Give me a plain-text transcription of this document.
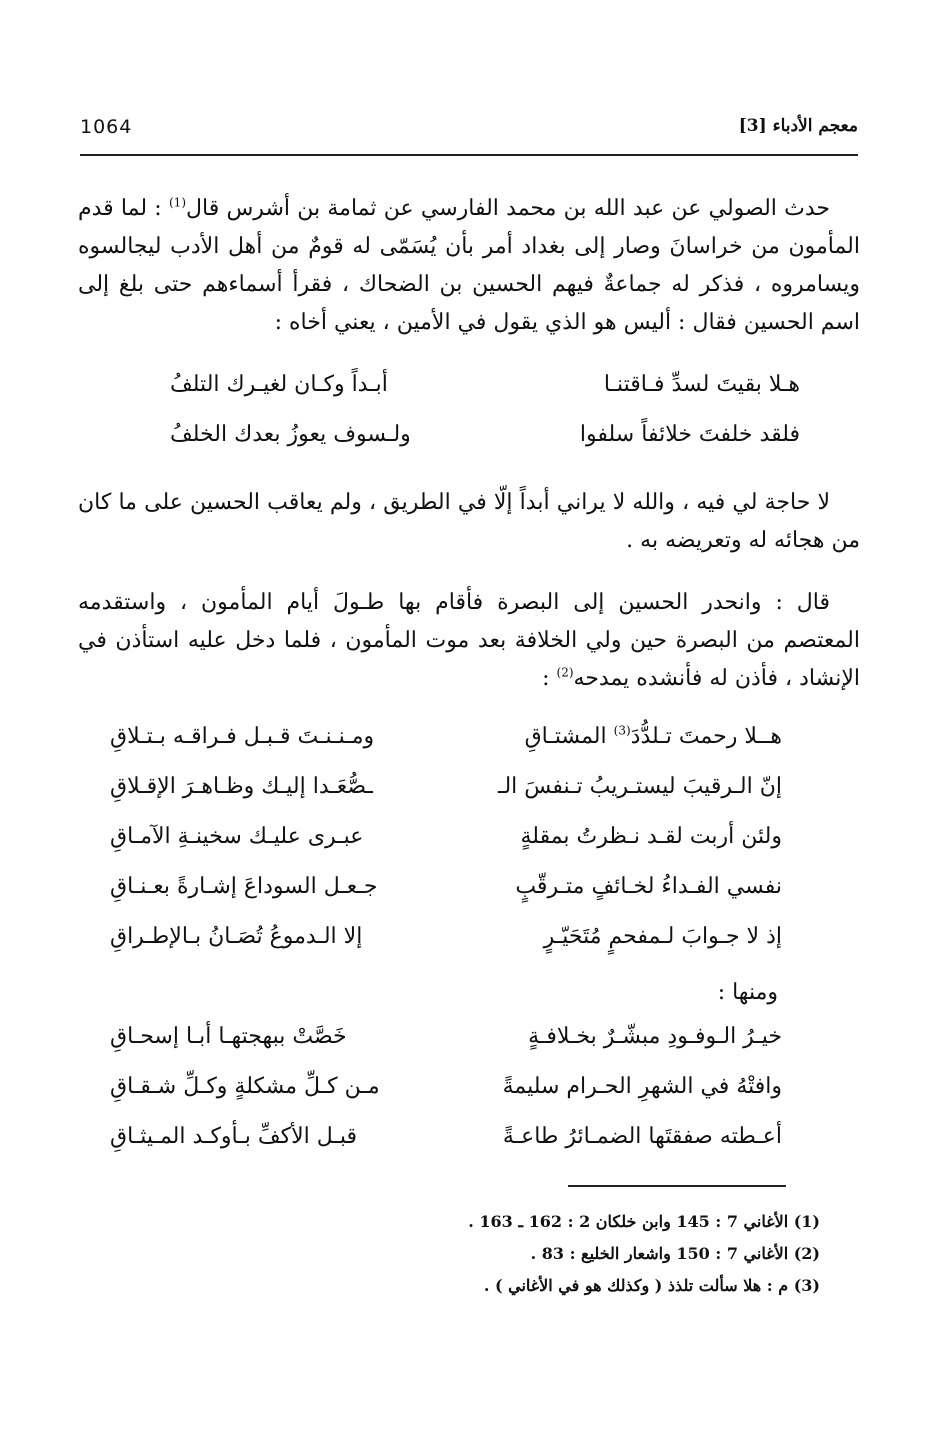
1064	معجم الأدباء [3]

حدث الصولي عن عبد الله بن محمد الفارسي عن ثمامة بن أشرس قال$^{(1)}$ : لما قدم المأمون من خراسانَ وصار إلى بغداد أمر بأن يُسَمّى له قومٌ من أهل الأدب ليجالسوه ويسامروه ، فذكر له جماعةٌ فيهم الحسين بن الضحاك ، فقرأ أسماءهم حتى بلغ إلى اسم الحسين فقال : أليس هو الذي يقول في الأمين ، يعني أخاه :

هـلا بقيتَ لسدِّ فـاقتنـا
أبـداً وكـان لغيـرك التلفُ
فلقد خلفتَ خلائفاً سلفوا
ولـسوف يعوزُ بعدك الخلفُ

لا حاجة لي فيه ، والله لا يراني أبداً إلّا في الطريق ، ولم يعاقب الحسين على ما كان من هجائه له وتعريضه به .

قال : وانحدر الحسين إلى البصرة فأقام بها طـولَ أيام المأمون ، واستقدمه المعتصم من البصرة حين ولي الخلافة بعد موت المأمون ، فلما دخل عليه استأذن في الإنشاد ، فأذن له فأنشده يمدحه$^{(2)}$ :

هــلا رحمتَ تـلدُّدَ$^{(3)}$ المشتـاقِ
ومـنـنـتَ قـبـل فـراقـه بـتـلاقِ
إنّ الـرقيبَ ليستـريبُ تـنفسَ الـ
ـصُّعَـدا إليـك وظـاهـرَ الإقـلاقِ
ولئن أربت لقـد نـظرتُ بمقلةٍ
عبـرى عليـك سخينـةِ الآمـاقِ
نفسي الفـداءُ لخـائفٍ متـرقّبٍ
جـعـل السوداعَ إشـارةً بعـنـاقِ
إذ لا جـوابَ لـمفحمٍ مُتَحَيّـرٍ
إلا الـدموعُ تُصَـانُ بـالإطـراقِ
ومنها :
خيـرُ الـوفـودِ مبشّـرٌ بخـلافـةٍ
خَصَّتْ ببهجتهـا أبـا إسحـاقِ
وافتْهُ في الشهرِ الحـرام سليمةً
مـن كـلِّ مشكلةٍ وكـلِّ شـقـاقِ
أعـطته صفقتَها الضمـائرُ طاعـةً
قبـل الأكفِّ بـأوكـد المـيثـاقِ
(1) الأغاني 7 : 145 وابن خلكان 2 : 162 ـ 163 .
(2) الأغاني 7 : 150 واشعار الخليع : 83 .
(3) م : هلا سألت تلذذ ( وكذلك هو في الأغاني ) .
